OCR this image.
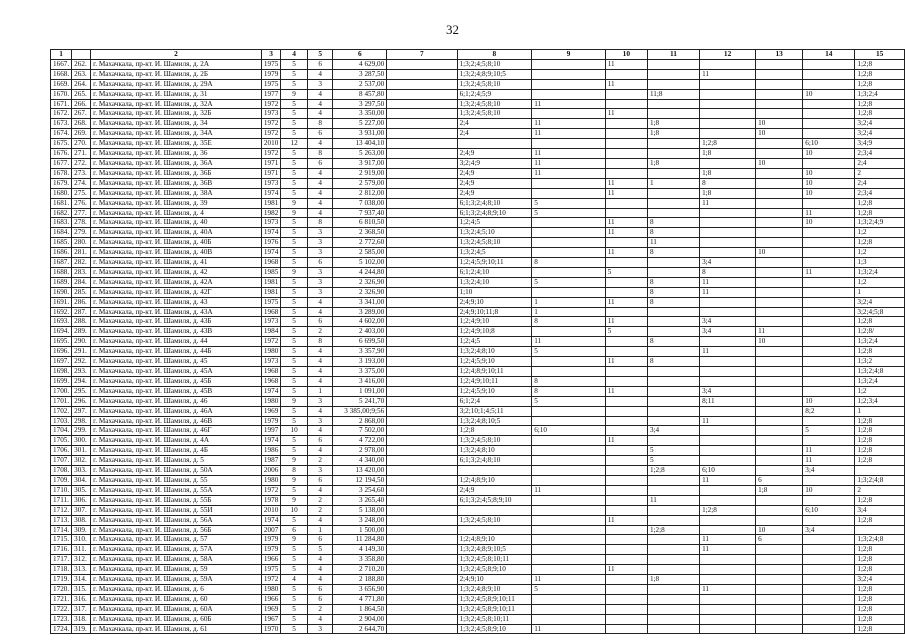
32
1		2	3	4	5	6	7	8	9	10	11	12	13	14	15
1667.	262.	г. Махачкала, пр-кт. И. Шамиля, д. 2А	1975	5	6	4 629,00		1;3;2;4;5;8;10		11					1;2;8
1668.	263.	г. Махачкала, пр-кт. И. Шамиля, д. 2Б	1979	5	4	3 287,50		1;3;2;4;8;9;10;5				11			1;2;8
1669.	264.	г. Махачкала, пр-кт. И. Шамиля, д. 29А	1975	5	3	2 537,00		1;3;2;4;5;8;10		11					1;2;8
1670.	265.	г. Махачкала, пр-кт. И. Шамиля, д. 31	1977	9	4	8 457,80		6;1;2;4;5;9			11;8			10	1;3;2;4
1671.	266.	г. Махачкала, пр-кт. И. Шамиля, д. 32А	1972	5	4	3 297,50		1;3;2;4;5;8;10	11						1;2;8
1672.	267.	г. Махачкала, пр-кт. И. Шамиля, д. 32Б	1973	5	4	3 350,00		1;3;2;4;5;8;10		11					1;2;8
1673.	268.	г. Махачкала, пр-кт. И. Шамиля, д. 34	1972	5	8	5 227,00		2;4	11		1;8		10		3;2;4
1674.	269.	г. Махачкала, пр-кт. И. Шамиля, д. 34А	1972	5	6	3 931,00		2;4	11		1;8		10		3;2;4
1675.	270.	г. Махачкала, пр-кт. И. Шамиля, д. 35Е	2010	12	4	13 404,10						1;2;8		6;10	3;4;9
1676.	271.	г. Махачкала, пр-кт. И. Шамиля, д. 36	1972	5	8	5 263,00		2;4;9	11			1;8		10	2;3;4
1677.	272.	г. Махачкала, пр-кт. И. Шамиля, д. 36А	1971	5	6	3 917,00		3;2;4;9	11		1;8		10		2;4
1678.	273.	г. Махачкала, пр-кт. И. Шамиля, д. 36Б	1971	5	4	2 919,00		2;4;9	11			1;8		10	2
1679.	274.	г. Махачкала, пр-кт. И. Шамиля, д. 36В	1973	5	4	2 579,00		2;4;9		11	1	8		10	2;4
1680.	275.	г. Махачкала, пр-кт. И. Шамиля, д. 38А	1974	5	4	2 812,00		2;4;9		11		1;8		10	2;3;4
1681.	276.	г. Махачкала, пр-кт. И. Шамиля, д. 39	1981	9	4	7 038,00		6;1;3;2;4;8;10	5			11			1;2;8
1682.	277.	г. Махачкала, пр-кт. И. Шамиля, д. 4	1982	9	4	7 937,40		6;1;3;2;4;8;9;10	5					11	1;2;8
1683.	278.	г. Махачкала, пр-кт. И. Шамиля, д. 40	1973	5	8	6 810,50		1;2;4;5		11	8			10	1;3;2;4;9
1684.	279.	г. Махачкала, пр-кт. И. Шамиля, д. 40А	1974	5	3	2 368,50		1;3;2;4;5;10		11	8				1;2
1685.	280.	г. Махачкала, пр-кт. И. Шамиля, д. 40Б	1976	5	3	2 772,60		1;3;2;4;5;8;10			11				1;2;8
1686.	281.	г. Махачкала, пр-кт. И. Шамиля, д. 40В	1974	5	3	2 585,00		1;3;2;4;5		11	8		10		1;2
1687.	282.	г. Махачкала, пр-кт. И. Шамиля, д. 41	1968	5	6	5 102,00		1;2;4;5;9;10;11	8			3;4			1;3
1688.	283.	г. Махачкала, пр-кт. И. Шамиля, д. 42	1985	9	3	4 244,80		6;1;2;4;10		5		8		11	1;3;2;4
1689.	284.	г. Махачкала, пр-кт. И. Шамиля, д. 42А	1981	5	3	2 326,90		1;3;2;4;10	5		8	11			1;2
1690.	285.	г. Махачкала, пр-кт. И. Шамиля, д. 42Г	1981	5	3	2 326,90		1;10			8	11			1
1691.	286.	г. Махачкала, пр-кт. И. Шамиля, д. 43	1975	5	4	3 341,00		2;4;9;10	1	11	8				3;2;4
1692.	287.	г. Махачкала, пр-кт. И. Шамиля, д. 43А	1968	5	4	3 289,00		2;4;9;10;11;8	1						3;2;4;5;8
1693.	288.	г. Махачкала, пр-кт. И. Шамиля, д. 43Б	1973	5	6	4 602,00		1;2;4;9;10	8	11		3;4			1;2;8
1694.	289.	г. Махачкала, пр-кт. И. Шамиля, д. 43В	1984	5	2	2 403,00		1;2;4;9;10;8		5		3;4	11		1;2;8/
1695.	290.	г. Махачкала, пр-кт. И. Шамиля, д. 44	1972	5	8	6 699,50		1;2;4;5	11		8		10		1;3;2;4
1696.	291.	г. Махачкала, пр-кт. И. Шамиля, д. 44Б	1980	5	4	3 357,90		1;3;2;4;8;10	5			11			1;2;8
1697.	292.	г. Махачкала, пр-кт. И. Шамиля, д. 45	1973	5	4	3 193,00		1;2;4;5;9;10		11	8				1;3;2
1698.	293.	г. Махачкала, пр-кт. И. Шамиля, д. 45А	1968	5	4	3 375,00		1;2;4;8;9;10;11							1;3;2;4;8
1699.	294.	г. Махачкала, пр-кт. И. Шамиля, д. 45Б	1968	5	4	3 416,00		1;2;4;9;10;11	8						1;3;2;4
1700.	295.	г. Махачкала, пр-кт. И. Шамиля, д. 45В	1974	5	1	1 091,00		1;2;4;5;9;10	8	11		3;4			1;2
1701.	296.	г. Махачкала, пр-кт. И. Шамиля, д. 46	1980	9	3	5 241,70		6;1;2;4	5			8;11		10	1;2;3;4
1702.	297.	г. Махачкала, пр-кт. И. Шамиля, д. 46А	1969	5	4	3 385,00;9;56		3;2;10;1;4;5;11						8;2	1
1703.	298.	г. Махачкала, пр-кт. И. Шамиля, д. 46В	1979	5	3	2 868,00		1;3;2;4;8;10;5				11			1;2;8
1704.	299.	г. Махачкала, пр-кт. И. Шамиля, д. 46Г	1997	10	4	7 502,00		1;2;8	6;10		3;4			5	1;2;8
1705.	300.	г. Махачкала, пр-кт. И. Шамиля, д. 4А	1974	5	6	4 722,00		1;3;2;4;5;8;10		11					1;2;8
1706.	301.	г. Махачкала, пр-кт. И. Шамиля, д. 4Б	1986	5	4	2 978,00		1;3;2;4;8;10			5			11	1;2;8
1707.	302.	г. Махачкала, пр-кт. И. Шамиля, д. 5	1987	9	2	4 340,00		6;1;3;2;4;8;10			5			11	1;2;8
1708.	303.	г. Махачкала, пр-кт. И. Шамиля, д. 50А	2006	8	3	13 420,00					1;2;8	6;10		3;4	
1709.	304.	г. Махачкала, пр-кт. И. Шамиля, д. 55	1980	9	6	12 194,50		1;2;4;8;9;10				11	6		1;3;2;4;8
1710.	305.	г. Махачкала, пр-кт. И. Шамиля, д. 55А	1972	5	4	3 254,60		2;4;9	11				1;8	10	2
1711.	306.	г. Махачкала, пр-кт. И. Шамиля, д. 55Б	1978	9	2	3 265,40		6;1;3;2;4;5;8;9;10			11				1;2;8
1712.	307.	г. Махачкала, пр-кт. И. Шамиля, д. 55И	2010	10	2	5 138,00						1;2;8		6;10	3;4
1713.	308.	г. Махачкала, пр-кт. И. Шамиля, д. 56А	1974	5	4	3 248,00		1;3;2;4;5;8;10		11					1;2;8
1714.	309.	г. Махачкала, пр-кт. И. Шамиля, д. 56Б	2007	6	1	1 500,00					1;2;8		10	3;4	
1715.	310.	г. Махачкала, пр-кт. И. Шамиля, д. 57	1979	9	6	11 284,80		1;2;4;8;9;10				11	6		1;3;2;4;8
1716.	311.	г. Махачкала, пр-кт. И. Шамиля, д. 57А	1979	5	5	4 149,30		1;3;2;4;8;9;10;5				11			1;2;8
1717.	312.	г. Махачкала, пр-кт. И. Шамиля, д. 58А	1966	5	4	3 358,80		1;3;2;4;5;8;10;11							1;2;8
1718.	313.	г. Махачкала, пр-кт. И. Шамиля, д. 59	1975	5	4	2 710,20		1;3;2;4;5;8;9;10		11					1;2;8
1719.	314.	г. Махачкала, пр-кт. И. Шамиля, д. 59А	1972	4	4	2 188,80		2;4;9;10	11		1;8				3;2;4
1720.	315.	г. Махачкала, пр-кт. И. Шамиля, д. 6	1980	5	6	3 656,90		1;3;2;4;8;9;10	5			11			1;2;8
1721.	316.	г. Махачкала, пр-кт. И. Шамиля, д. 60	1966	5	6	4 771,80		1;3;2;4;5;8;9;10;11							1;2;8
1722.	317.	г. Махачкала, пр-кт. И. Шамиля, д. 60А	1969	5	2	1 864,50		1;3;2;4;5;8;9;10;11							1;2;8
1723.	318.	г. Махачкала, пр-кт. И. Шамиля, д. 60Б	1967	5	4	2 904,00		1;3;2;4;5;8;10;11							1;2;8
1724.	319.	г. Махачкала, пр-кт. И. Шамиля, д. 61	1970	5	3	2 644,70		1;3;2;4;5;8;9;10	11						1;2;8
